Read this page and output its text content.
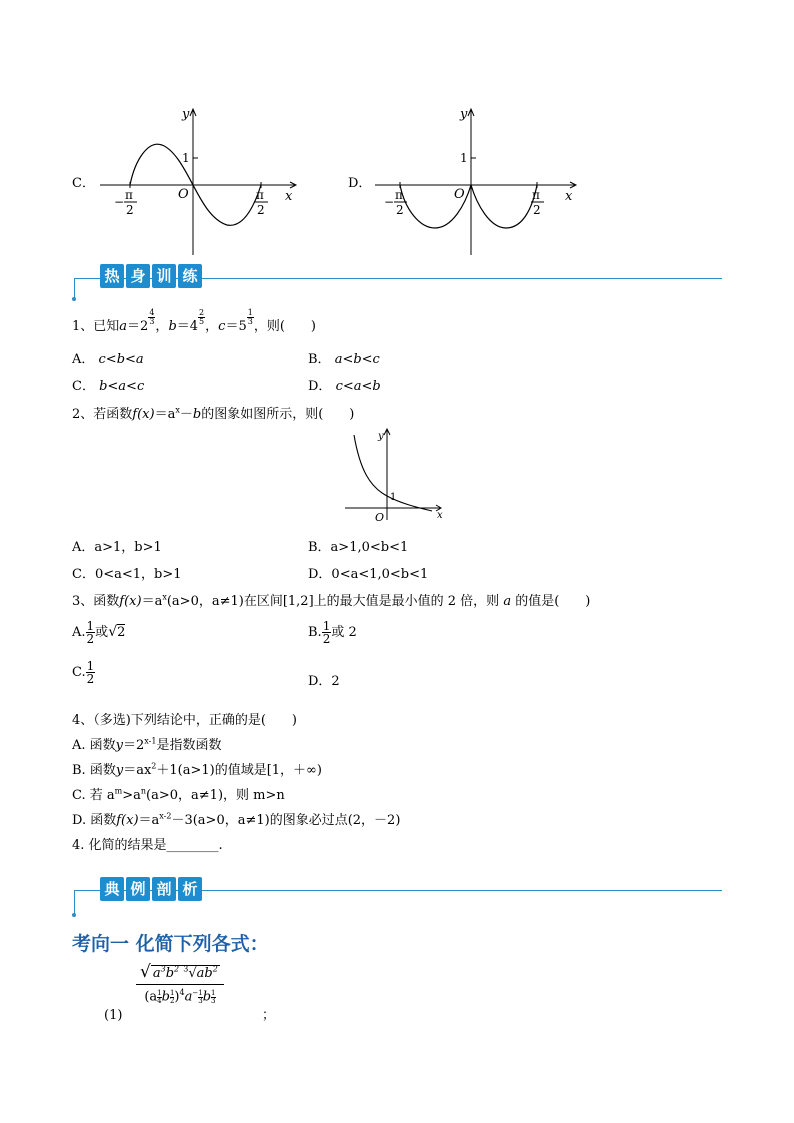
C．
y
x
O
1
− π
2
π
2
D．
y
x
O
1
− π
2
π
2
热 身 训 练
1、已知a＝2
$\frac{4}{3}$
，b＝4
$\frac{2}{5}$
，c＝5
$\frac{1}{3}$
，则(　　)
A． c<b<a	B． a<b<c
C． b<a<c	D． c<a<b
2、若函数$f(x)=a^x-b$的图象如图所示，则(　　)
y
x
O
1
A．a>1，b>1	B．a>1,0<b<1
C．0<a<1，b>1	D．0<a<1,0<b<1
3、函数$f(x)=a^x(a>0$，a≠1)在区间[1,2]上的最大值是最小值的 2 倍，则 a 的值是(　　)
A. $\frac{1}{2}$ 或√2	B. $\frac{1}{2}$ 或 2
C. $\frac{1}{2}$	D．2
4、（多选)下列结论中，正确的是(　　)
A. 函数$y=2^{x-1}$是指数函数
B. 函数$y=ax^2+1(a>1)$的值域是[1，＋∞)
C. 若 $a^m>a^n(a>0$，a≠1)，则 m>n
D. 函数$f(x)=a^{x-2}-3(a>0$，a≠1)的图象必过点(2，－2)
4. 化简的结果是________.
典 例 剖 析
考向一 化简下列各式：
(1)
√ $a^3b^2$ $^3√ab^2$
(a $^{\frac{1}{4}}$ b $^{\frac{1}{2}}$ )$^4$a− $^{\frac{1}{3}}$ b $^{\frac{1}{3}}$
；
